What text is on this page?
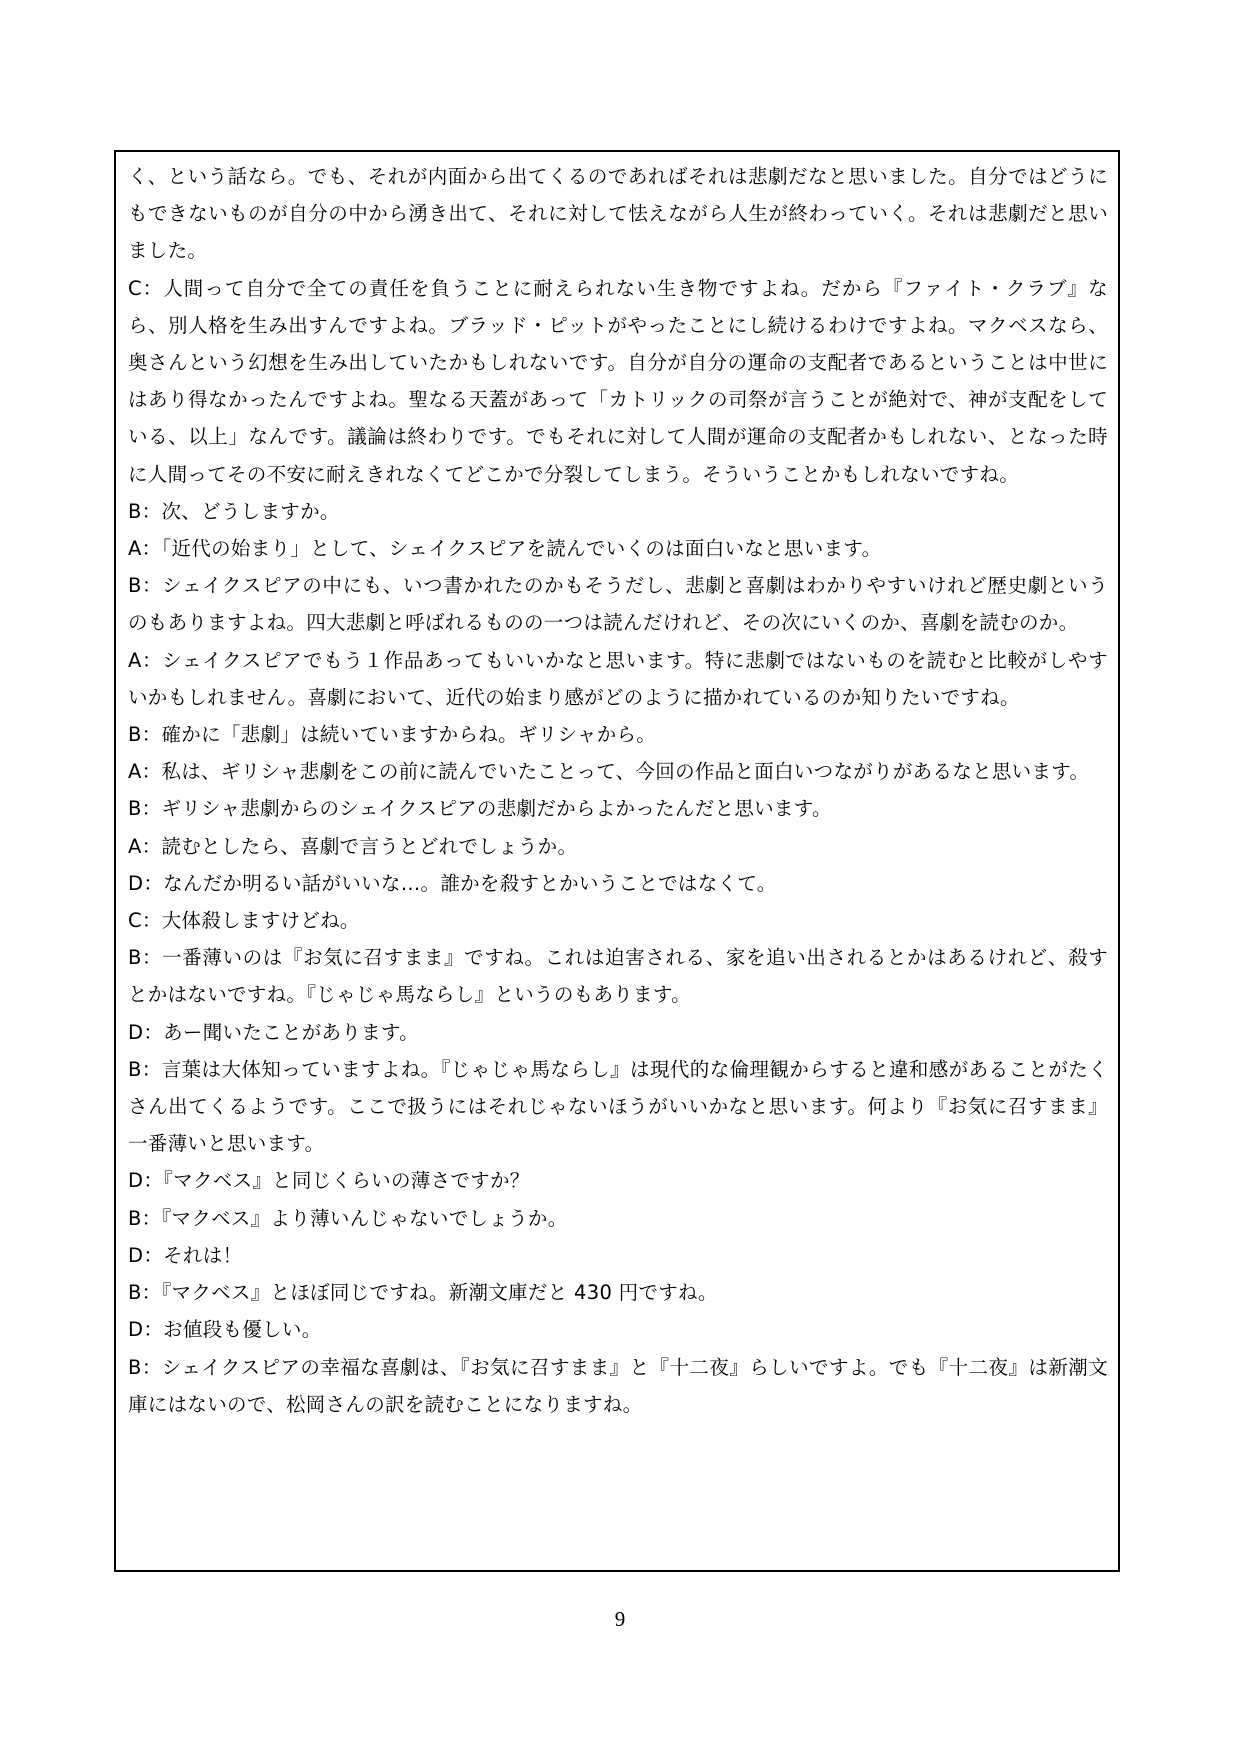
く、という話なら。でも、それが内面から出てくるのであればそれは悲劇だなと思いました。自分ではどうにもできないものが自分の中から湧き出て、それに対して怯えながら人生が終わっていく。それは悲劇だと思いました。

C：人間って自分で全ての責任を負うことに耐えられない生き物ですよね。だから『ファイト・クラブ』なら、別人格を生み出すんですよね。ブラッド・ピットがやったことにし続けるわけですよね。マクベスなら、奥さんという幻想を生み出していたかもしれないです。自分が自分の運命の支配者であるということは中世にはあり得なかったんですよね。聖なる天蓋があって「カトリックの司祭が言うことが絶対で、神が支配をしている、以上」なんです。議論は終わりです。でもそれに対して人間が運命の支配者かもしれない、となった時に人間ってその不安に耐えきれなくてどこかで分裂してしまう。そういうことかもしれないですね。

B：次、どうしますか。

A：「近代の始まり」として、シェイクスピアを読んでいくのは面白いなと思います。

B：シェイクスピアの中にも、いつ書かれたのかもそうだし、悲劇と喜劇はわかりやすいけれど歴史劇というのもありますよね。四大悲劇と呼ばれるものの一つは読んだけれど、その次にいくのか、喜劇を読むのか。

A：シェイクスピアでもう１作品あってもいいかなと思います。特に悲劇ではないものを読むと比較がしやすいかもしれません。喜劇において、近代の始まり感がどのように描かれているのか知りたいですね。

B：確かに「悲劇」は続いていますからね。ギリシャから。

A：私は、ギリシャ悲劇をこの前に読んでいたことって、今回の作品と面白いつながりがあるなと思います。

B：ギリシャ悲劇からのシェイクスピアの悲劇だからよかったんだと思います。

A：読むとしたら、喜劇で言うとどれでしょうか。

D：なんだか明るい話がいいな…。誰かを殺すとかいうことではなくて。

C：大体殺しますけどね。

B：一番薄いのは『お気に召すまま』ですね。これは迫害される、家を追い出されるとかはあるけれど、殺すとかはないですね。『じゃじゃ馬ならし』というのもあります。

D：あー聞いたことがあります。

B：言葉は大体知っていますよね。『じゃじゃ馬ならし』は現代的な倫理観からすると違和感があることがたくさん出てくるようです。ここで扱うにはそれじゃないほうがいいかなと思います。何より『お気に召すまま』一番薄いと思います。

D：『マクベス』と同じくらいの薄さですか？

B：『マクベス』より薄いんじゃないでしょうか。

D：それは！

B：『マクベス』とほぼ同じですね。新潮文庫だと 430 円ですね。

D：お値段も優しい。

B：シェイクスピアの幸福な喜劇は、『お気に召すまま』と『十二夜』らしいですよ。でも『十二夜』は新潮文庫にはないので、松岡さんの訳を読むことになりますね。

9
